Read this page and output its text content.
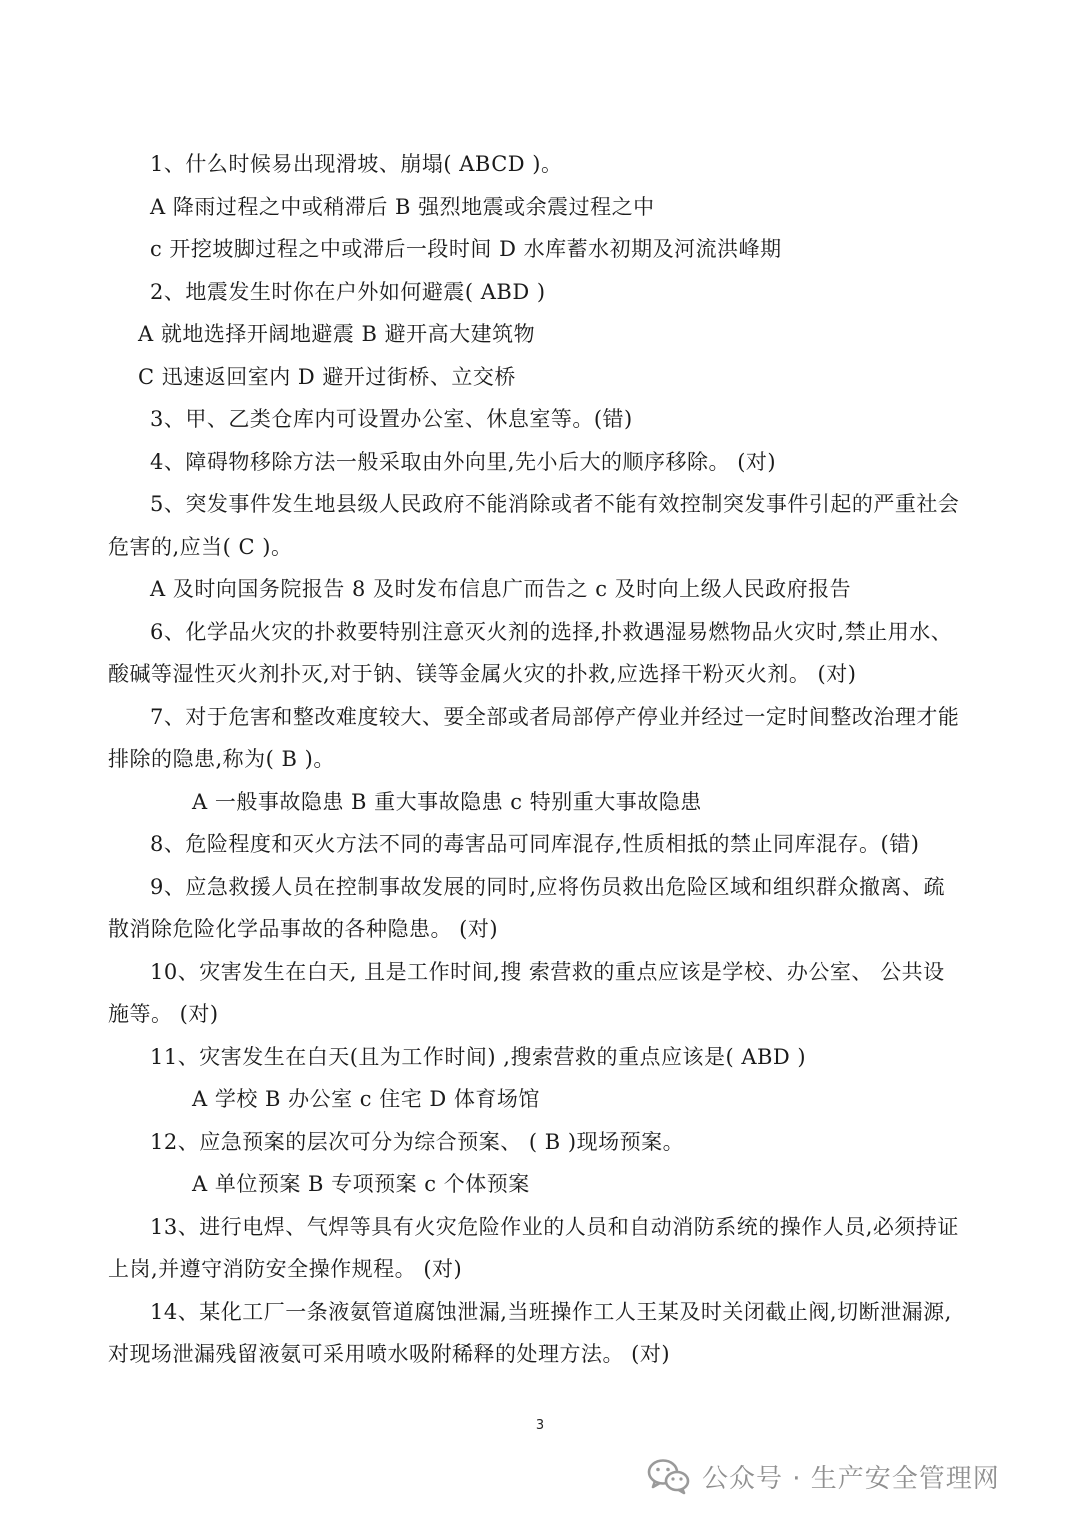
1、什么时候易出现滑坡、崩塌( ABCD )。
A 降雨过程之中或稍滞后 B 强烈地震或余震过程之中
c 开挖坡脚过程之中或滞后一段时间 D 水库蓄水初期及河流洪峰期
2、地震发生时你在户外如何避震( ABD )
A 就地选择开阔地避震 B 避开高大建筑物
C 迅速返回室内 D 避开过街桥、立交桥
3、甲、乙类仓库内可设置办公室、休息室等。(错)
4、障碍物移除方法一般采取由外向里,先小后大的顺序移除。 (对)
5、突发事件发生地县级人民政府不能消除或者不能有效控制突发事件引起的严重社会
危害的,应当( C )。
A 及时向国务院报告 8 及时发布信息广而告之 c 及时向上级人民政府报告
6、化学品火灾的扑救要特别注意灭火剂的选择,扑救遇湿易燃物品火灾时,禁止用水、
酸碱等湿性灭火剂扑灭,对于钠、镁等金属火灾的扑救,应选择干粉灭火剂。 (对)
7、对于危害和整改难度较大、要全部或者局部停产停业并经过一定时间整改治理才能
排除的隐患,称为( B )。
A 一般事故隐患 B 重大事故隐患 c 特别重大事故隐患
8、危险程度和灭火方法不同的毒害品可同库混存,性质相抵的禁止同库混存。(错)
9、应急救援人员在控制事故发展的同时,应将伤员救出危险区域和组织群众撤离、疏
散消除危险化学品事故的各种隐患。 (对)
10、灾害发生在白天, 且是工作时间,搜 索营救的重点应该是学校、办公室、 公共设
施等。 (对)
11、灾害发生在白天(且为工作时间) ,搜索营救的重点应该是( ABD )
A 学校 B 办公室 c 住宅 D 体育场馆
12、应急预案的层次可分为综合预案、 ( B )现场预案。
A 单位预案 B 专项预案 c 个体预案
13、进行电焊、气焊等具有火灾危险作业的人员和自动消防系统的操作人员,必须持证
上岗,并遵守消防安全操作规程。 (对)
14、某化工厂一条液氨管道腐蚀泄漏,当班操作工人王某及时关闭截止阀,切断泄漏源,
对现场泄漏残留液氨可采用喷水吸附稀释的处理方法。 (对)
3
公众号 · 生产安全管理网
